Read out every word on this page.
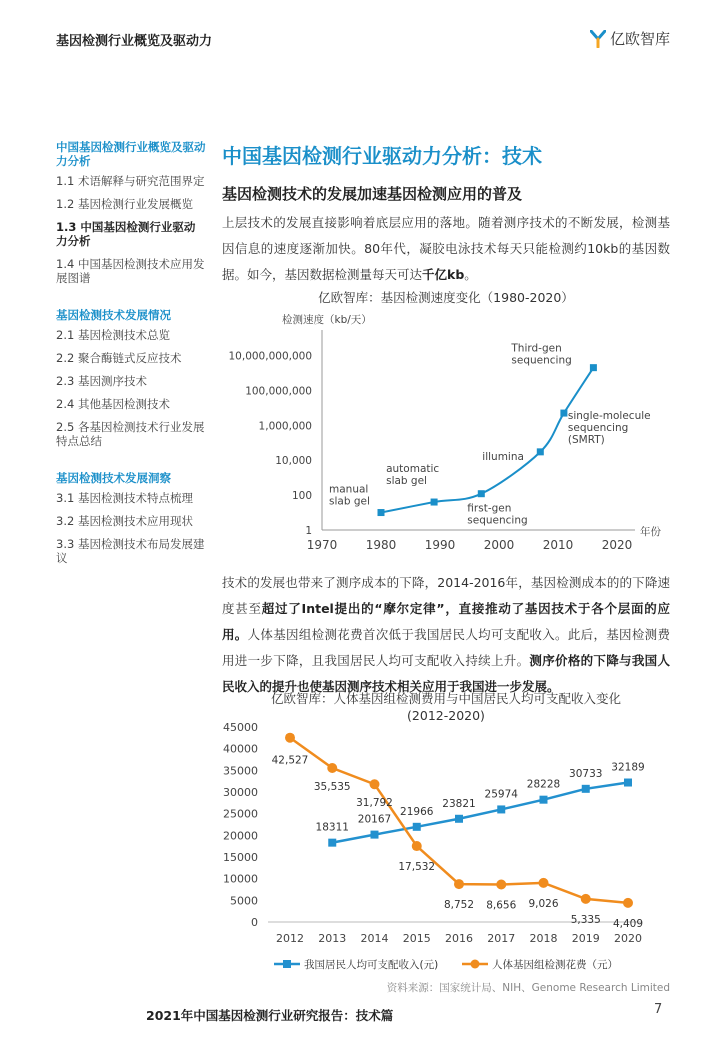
基因检测行业概览及驱动力	亿欧智库
中国基因检测行业概览及驱动力分析
1.1 术语解释与研究范围界定
1.2 基因检测行业发展概览
1.3 中国基因检测行业驱动力分析
1.4 中国基因检测技术应用发展图谱
基因检测技术发展情况
2.1 基因检测技术总览
2.2 聚合酶链式反应技术
2.3 基因测序技术
2.4 其他基因检测技术
2.5 各基因检测技术行业发展特点总结
基因检测技术发展洞察
3.1 基因检测技术特点梳理
3.2 基因检测技术应用现状
3.3 基因检测技术布局发展建议
中国基因检测行业驱动力分析：技术
基因检测技术的发展加速基因检测应用的普及
上层技术的发展直接影响着底层应用的落地。随着测序技术的不断发展，检测基因信息的速度逐渐加快。80年代，凝胶电泳技术每天只能检测约10kb的基因数据。如今，基因数据检测量每天可达千亿kb。
亿欧智库：基因检测速度变化（1980-2020）
检测速度（kb/天）
1
100
10,000
1,000,000
100,000,000
10,000,000,000
1970 1980 1990 2000 2010 2020
年份
manual slab gel
automatic slab gel
first-gen sequencing
illumina
single-molecule sequencing (SMRT)
Third-gen sequencing
技术的发展也带来了测序成本的下降，2014-2016年，基因检测成本的的下降速度甚至超过了Intel提出的“摩尔定律”，直接推动了基因技术于各个层面的应用。人体基因组检测花费首次低于我国居民人均可支配收入。此后，基因检测费用进一步下降，且我国居民人均可支配收入持续上升。测序价格的下降与我国人民收入的提升也使基因测序技术相关应用于我国进一步发展。
亿欧智库：人体基因组检测费用与中国居民人均可支配收入变化
(2012-2020)
0
5000
10000
15000
20000
25000
30000
35000
40000
45000
2012 2013 2014 2015 2016 2017 2018 2019 2020
18311
20167
21966
23821
25974
28228
30733
32189
42,527
35,535
31,792
17,532
8,752 8,656 9,026
5,335 4,409
我国居民人均可支配收入(元)	人体基因组检测花费（元）
资料来源：国家统计局、NIH、Genome Research Limited
2021年中国基因检测行业研究报告：技术篇	7
